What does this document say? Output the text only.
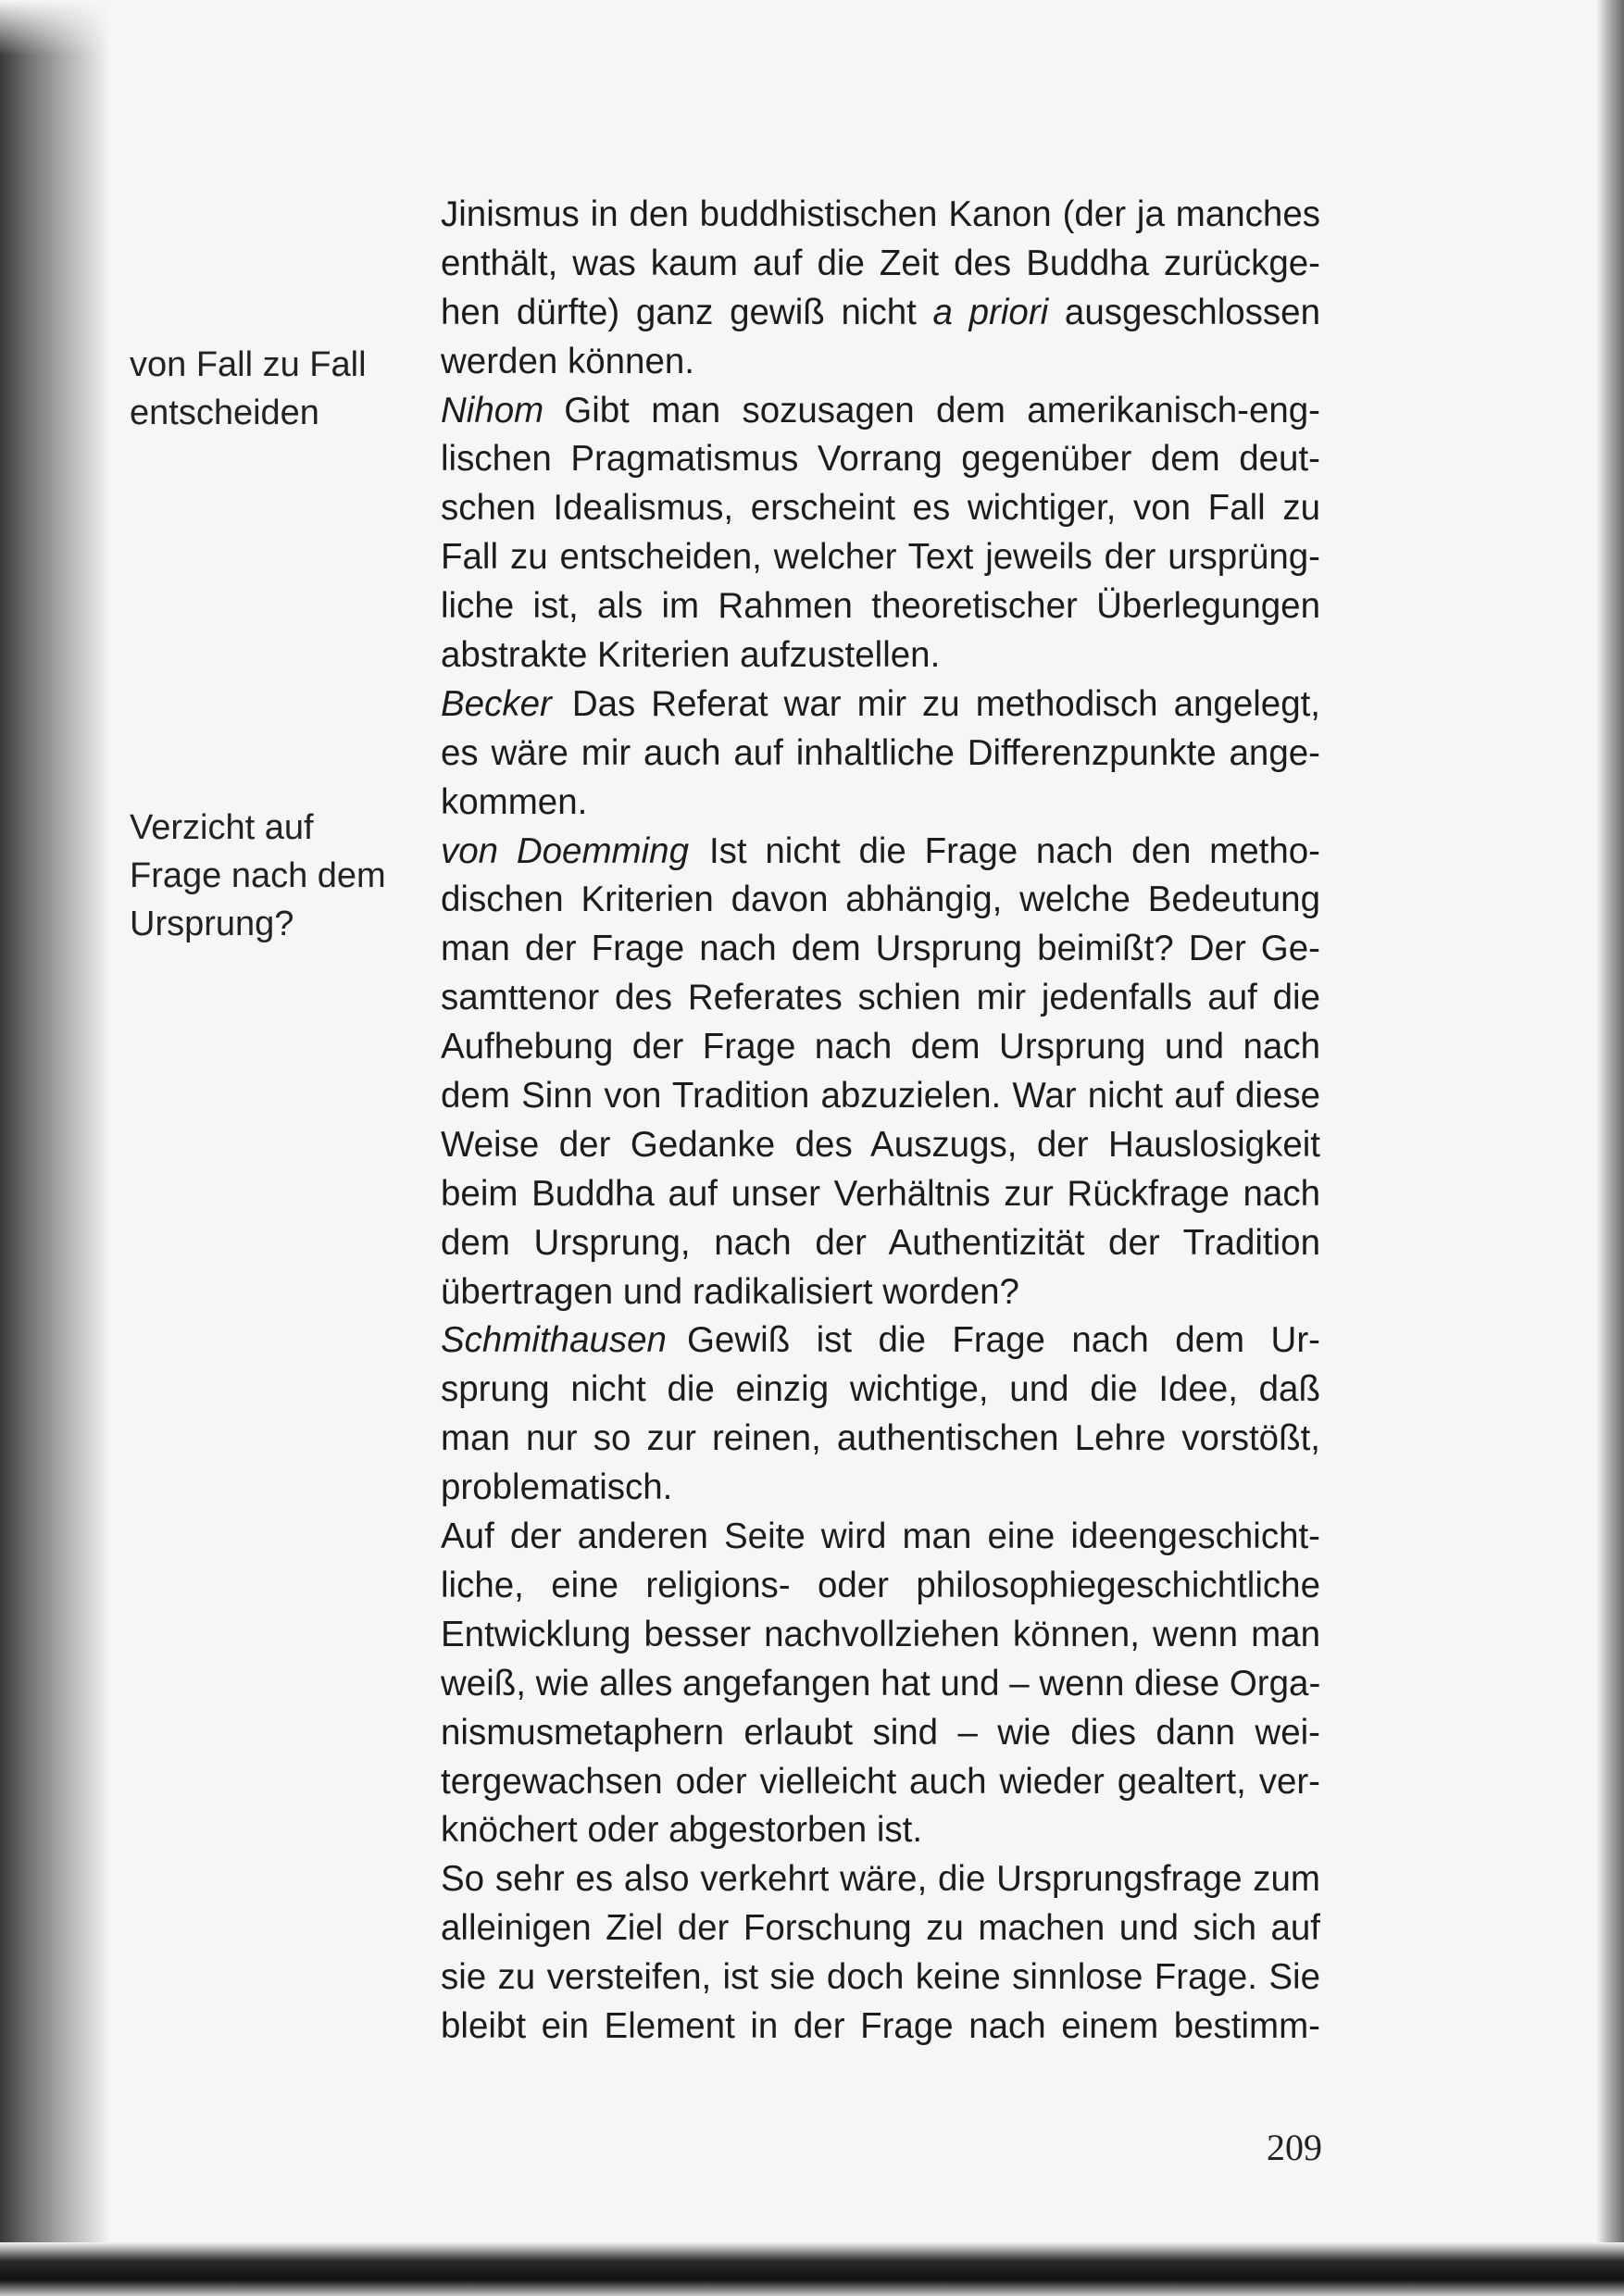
von Fall zu Fall
entscheiden
Verzicht auf
Frage nach dem
Ursprung?
Jinismus in den buddhistischen Kanon (der ja manches
enthält, was kaum auf die Zeit des Buddha zurückge-
hen dürfte) ganz gewiß nicht a priori ausgeschlossen
werden können.
Nihom Gibt man sozusagen dem amerikanisch-eng-
lischen Pragmatismus Vorrang gegenüber dem deut-
schen Idealismus, erscheint es wichtiger, von Fall zu
Fall zu entscheiden, welcher Text jeweils der ursprüng-
liche ist, als im Rahmen theoretischer Überlegungen
abstrakte Kriterien aufzustellen.
Becker Das Referat war mir zu methodisch angelegt,
es wäre mir auch auf inhaltliche Differenzpunkte ange-
kommen.
von Doemming Ist nicht die Frage nach den metho-
dischen Kriterien davon abhängig, welche Bedeutung
man der Frage nach dem Ursprung beimißt? Der Ge-
samttenor des Referates schien mir jedenfalls auf die
Aufhebung der Frage nach dem Ursprung und nach
dem Sinn von Tradition abzuzielen. War nicht auf diese
Weise der Gedanke des Auszugs, der Hauslosigkeit
beim Buddha auf unser Verhältnis zur Rückfrage nach
dem Ursprung, nach der Authentizität der Tradition
übertragen und radikalisiert worden?
Schmithausen Gewiß ist die Frage nach dem Ur-
sprung nicht die einzig wichtige, und die Idee, daß
man nur so zur reinen, authentischen Lehre vorstößt,
problematisch.
Auf der anderen Seite wird man eine ideengeschicht-
liche, eine religions- oder philosophiegeschichtliche
Entwicklung besser nachvollziehen können, wenn man
weiß, wie alles angefangen hat und – wenn diese Orga-
nismusmetaphern erlaubt sind – wie dies dann wei-
tergewachsen oder vielleicht auch wieder gealtert, ver-
knöchert oder abgestorben ist.
So sehr es also verkehrt wäre, die Ursprungsfrage zum
alleinigen Ziel der Forschung zu machen und sich auf
sie zu versteifen, ist sie doch keine sinnlose Frage. Sie
bleibt ein Element in der Frage nach einem bestimm-
209
